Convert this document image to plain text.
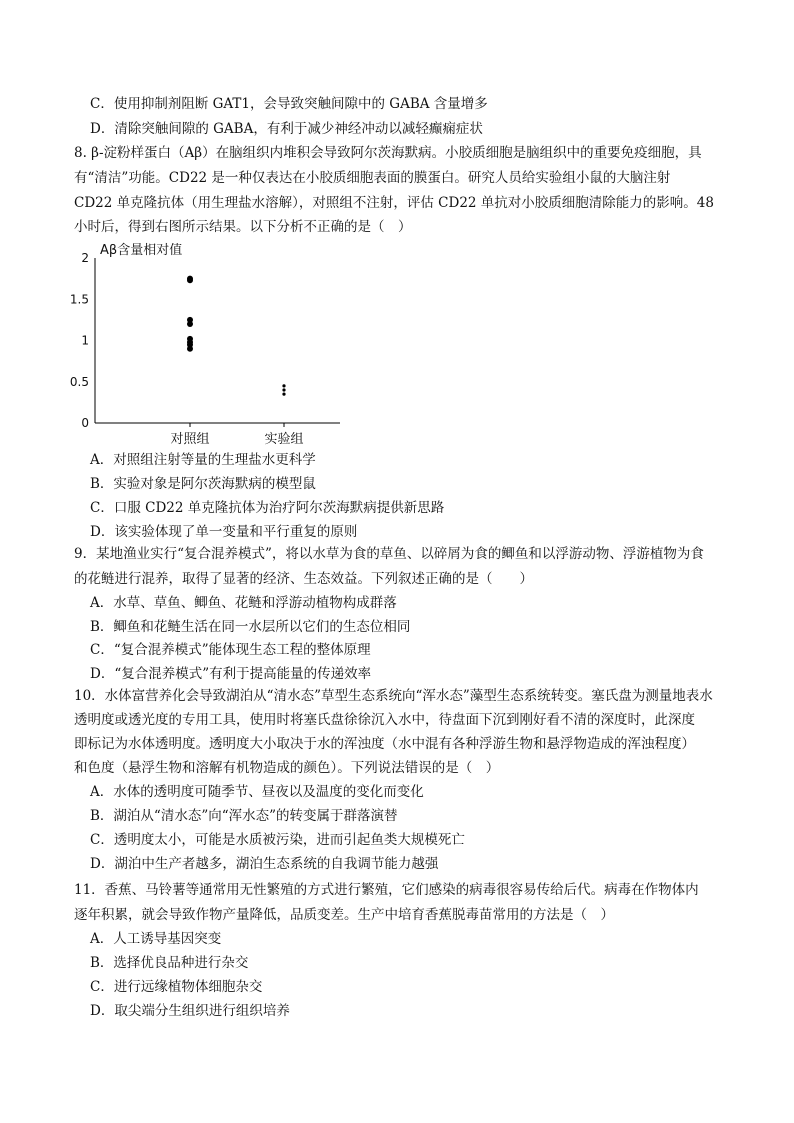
C．使用抑制剂阻断 GAT1，会导致突触间隙中的 GABA 含量增多
D．清除突触间隙的 GABA，有利于减少神经冲动以减轻癫痫症状
8. β-淀粉样蛋白（Aβ）在脑组织内堆积会导致阿尔茨海默病。小胶质细胞是脑组织中的重要免疫细胞，具
有“清洁”功能。CD22 是一种仅表达在小胶质细胞表面的膜蛋白。研究人员给实验组小鼠的大脑注射
CD22 单克隆抗体（用生理盐水溶解），对照组不注射，评估 CD22 单抗对小胶质细胞清除能力的影响。48
小时后，得到右图所示结果。以下分析不正确的是（　）
A．对照组注射等量的生理盐水更科学
B．实验对象是阿尔茨海默病的模型鼠
C．口服 CD22 单克隆抗体为治疗阿尔茨海默病提供新思路
D．该实验体现了单一变量和平行重复的原则
9．某地渔业实行“复合混养模式”，将以水草为食的草鱼、以碎屑为食的鲫鱼和以浮游动物、浮游植物为食
的花鲢进行混养，取得了显著的经济、生态效益。下列叙述正确的是（　　）
A．水草、草鱼、鲫鱼、花鲢和浮游动植物构成群落
B．鲫鱼和花鲢生活在同一水层所以它们的生态位相同
C．“复合混养模式”能体现生态工程的整体原理
D．“复合混养模式”有利于提高能量的传递效率
10．水体富营养化会导致湖泊从“清水态”草型生态系统向“浑水态”藻型生态系统转变。塞氏盘为测量地表水
透明度或透光度的专用工具，使用时将塞氏盘徐徐沉入水中，待盘面下沉到刚好看不清的深度时，此深度
即标记为水体透明度。透明度大小取决于水的浑浊度（水中混有各种浮游生物和悬浮物造成的浑浊程度）
和色度（悬浮生物和溶解有机物造成的颜色）。下列说法错误的是（　）
A．水体的透明度可随季节、昼夜以及温度的变化而变化
B．湖泊从“清水态”向“浑水态”的转变属于群落演替
C．透明度太小，可能是水质被污染，进而引起鱼类大规模死亡
D．湖泊中生产者越多，湖泊生态系统的自我调节能力越强
11．香蕉、马铃薯等通常用无性繁殖的方式进行繁殖，它们感染的病毒很容易传给后代。病毒在作物体内
逐年积累，就会导致作物产量降低，品质变差。生产中培育香蕉脱毒苗常用的方法是（　）
A．人工诱导基因突变
B．选择优良品种进行杂交
C．进行远缘植物体细胞杂交
D．取尖端分生组织进行组织培养
Aβ含量相对值
0
0.5
1
1.5
2
对照组	实验组
